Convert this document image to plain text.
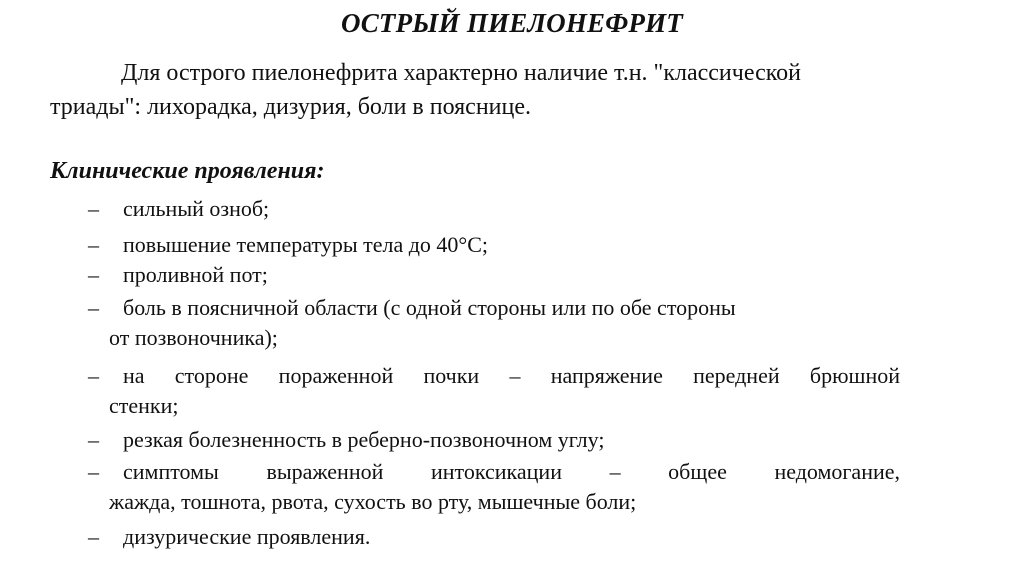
ОСТРЫЙ ПИЕЛОНЕФРИТ
Для острого пиелонефрита характерно наличие т.н. "классической
триады": лихорадка, дизурия, боли в пояснице.
Клинические проявления:
–	сильный озноб;
–	повышение температуры тела до 40°C;
–	проливной пот;
–	боль в поясничной области (с одной стороны или по обе стороны
от позвоночника);
–	на стороне пораженной почки – напряжение передней брюшной
стенки;
–	резкая болезненность в реберно-позвоночном углу;
–	симптомы выраженной интоксикации – общее недомогание,
жажда, тошнота, рвота, сухость во рту, мышечные боли;
–	дизурические проявления.
